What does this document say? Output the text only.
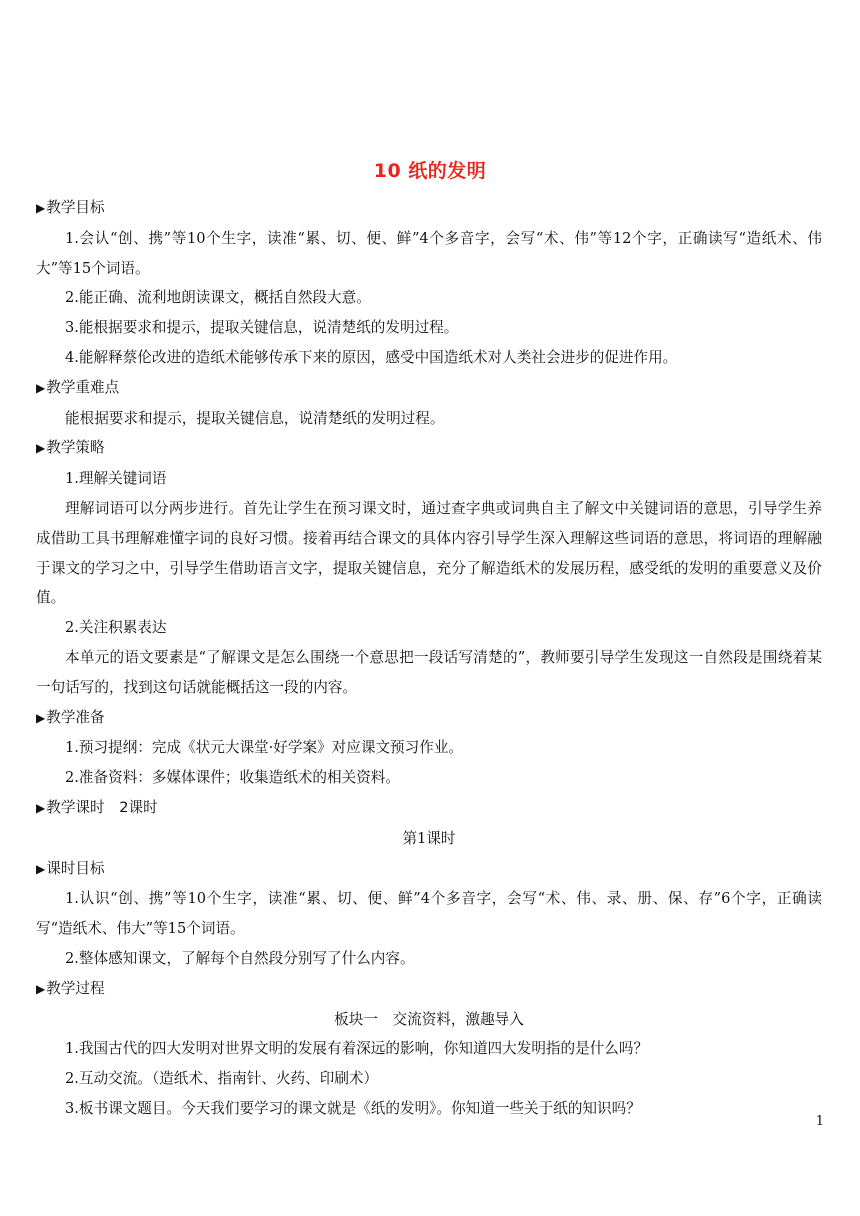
10 纸的发明

▶教学目标

1.会认“创、携”等10个生字，读准“累、切、便、鲜”4个多音字，会写“术、伟”等12个字，正确读写“造纸术、伟大”等15个词语。

2.能正确、流利地朗读课文，概括自然段大意。

3.能根据要求和提示，提取关键信息，说清楚纸的发明过程。

4.能解释蔡伦改进的造纸术能够传承下来的原因，感受中国造纸术对人类社会进步的促进作用。

▶教学重难点

能根据要求和提示，提取关键信息，说清楚纸的发明过程。

▶教学策略

1.理解关键词语

理解词语可以分两步进行。首先让学生在预习课文时，通过查字典或词典自主了解文中关键词语的意思，引导学生养成借助工具书理解难懂字词的良好习惯。接着再结合课文的具体内容引导学生深入理解这些词语的意思，将词语的理解融于课文的学习之中，引导学生借助语言文字，提取关键信息，充分了解造纸术的发展历程，感受纸的发明的重要意义及价值。

2.关注积累表达

本单元的语文要素是“了解课文是怎么围绕一个意思把一段话写清楚的”，教师要引导学生发现这一自然段是围绕着某一句话写的，找到这句话就能概括这一段的内容。

▶教学准备

1.预习提纲：完成《状元大课堂·好学案》对应课文预习作业。

2.准备资料：多媒体课件；收集造纸术的相关资料。

▶教学课时　2课时

第1课时

▶课时目标

1.认识“创、携”等10个生字，读准“累、切、便、鲜”4个多音字，会写“术、伟、录、册、保、存”6个字，正确读写“造纸术、伟大”等15个词语。

2.整体感知课文，了解每个自然段分别写了什么内容。

▶教学过程

板块一　交流资料，激趣导入

1.我国古代的四大发明对世界文明的发展有着深远的影响，你知道四大发明指的是什么吗？

2.互动交流。（造纸术、指南针、火药、印刷术）

3.板书课文题目。今天我们要学习的课文就是《纸的发明》。你知道一些关于纸的知识吗？

1
